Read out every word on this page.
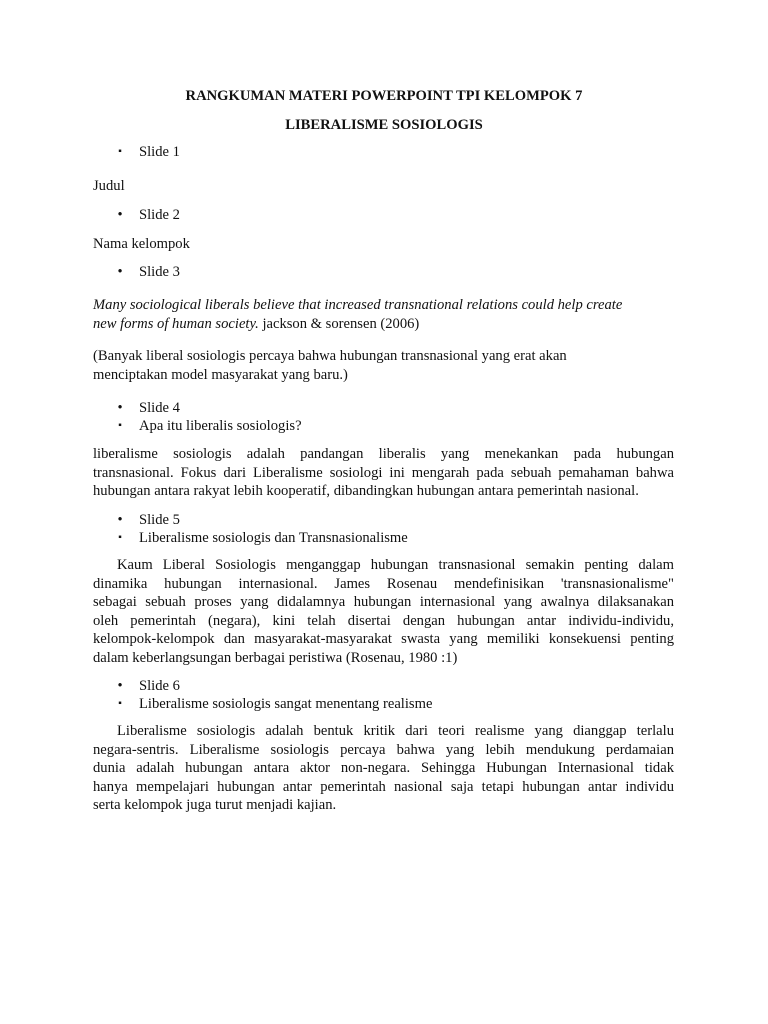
RANGKUMAN MATERI POWERPOINT TPI KELOMPOK 7
LIBERALISME SOSIOLOGIS
▪ Slide 1
Judul
• Slide 2
Nama kelompok
• Slide 3
Many sociological liberals believe that increased transnational relations could help create
new forms of human society. jackson & sorensen (2006)
(Banyak liberal sosiologis percaya bahwa hubungan transnasional yang erat akan
menciptakan model masyarakat yang baru.)
• Slide 4
▪ Apa itu liberalis sosiologis?
liberalisme sosiologis adalah pandangan liberalis yang menekankan pada hubungan
transnasional. Fokus dari Liberalisme sosiologi ini mengarah pada sebuah pemahaman bahwa
hubungan antara rakyat lebih kooperatif, dibandingkan hubungan antara pemerintah nasional.
• Slide 5
▪ Liberalisme sosiologis dan Transnasionalisme
Kaum Liberal Sosiologis menganggap hubungan transnasional semakin penting dalam
dinamika hubungan internasional. James Rosenau mendefinisikan 'transnasionalisme"
sebagai sebuah proses yang didalamnya hubungan internasional yang awalnya dilaksanakan
oleh pemerintah (negara), kini telah disertai dengan hubungan antar individu-individu,
kelompok-kelompok dan masyarakat-masyarakat swasta yang memiliki konsekuensi penting
dalam keberlangsungan berbagai peristiwa (Rosenau, 1980 :1)
• Slide 6
▪ Liberalisme sosiologis sangat menentang realisme
Liberalisme sosiologis adalah bentuk kritik dari teori realisme yang dianggap terlalu
negara-sentris. Liberalisme sosiologis percaya bahwa yang lebih mendukung perdamaian
dunia adalah hubungan antara aktor non-negara. Sehingga Hubungan Internasional tidak
hanya mempelajari hubungan antar pemerintah nasional saja tetapi hubungan antar individu
serta kelompok juga turut menjadi kajian.
